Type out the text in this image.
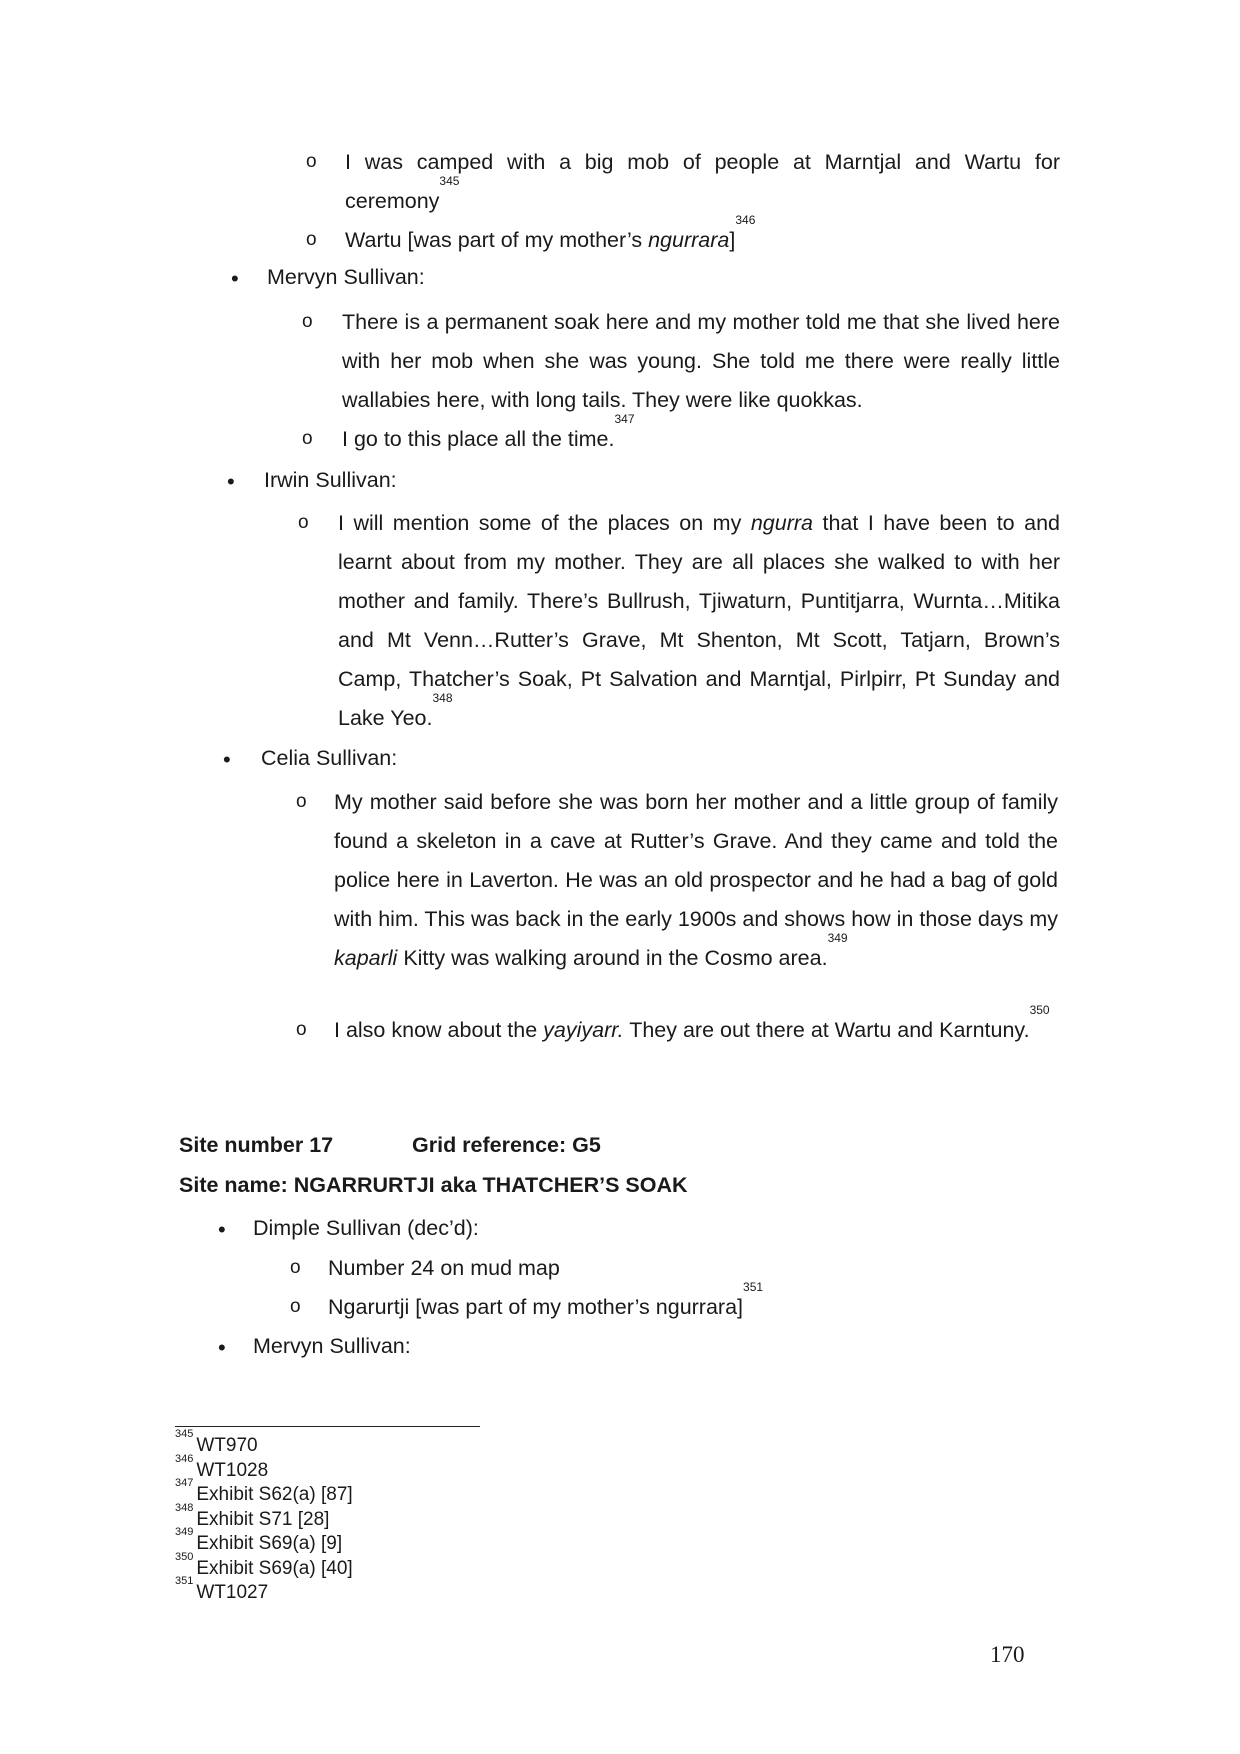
o I was camped with a big mob of people at Marntjal and Wartu for ceremony$^{345}$
o Wartu [was part of my mother’s ngurrara]$^{346}$
• Mervyn Sullivan:
o There is a permanent soak here and my mother told me that she lived here with her mob when she was young. She told me there were really little wallabies here, with long tails. They were like quokkas.
o I go to this place all the time.$^{347}$
• Irwin Sullivan:
o I will mention some of the places on my ngurra that I have been to and learnt about from my mother. They are all places she walked to with her mother and family. There’s Bullrush, Tjiwaturn, Puntitjarra, Wurnta…Mitika and Mt Venn…Rutter’s Grave, Mt Shenton, Mt Scott, Tatjarn, Brown’s Camp, Thatcher’s Soak, Pt Salvation and Marntjal, Pirlpirr, Pt Sunday and Lake Yeo.$^{348}$
• Celia Sullivan:
o My mother said before she was born her mother and a little group of family found a skeleton in a cave at Rutter’s Grave. And they came and told the police here in Laverton. He was an old prospector and he had a bag of gold with him. This was back in the early 1900s and shows how in those days my kaparli Kitty was walking around in the Cosmo area.$^{349}$
o I also know about the yayiyarr. They are out there at Wartu and Karntuny.$^{350}$
• Dimple Sullivan (dec’d):
o Number 24 on mud map
o Ngarurtji [was part of my mother’s ngurrara]$^{351}$
• Mervyn Sullivan:
Site number 17	Grid reference: G5
Site name: NGARRURTJI aka THATCHER’S SOAK
$^{345}$WT970
$^{346}$WT1028
$^{347}$Exhibit S62(a) [87]
$^{348}$Exhibit S71 [28]
$^{349}$Exhibit S69(a) [9]
$^{350}$Exhibit S69(a) [40]
$^{351}$WT1027
170
